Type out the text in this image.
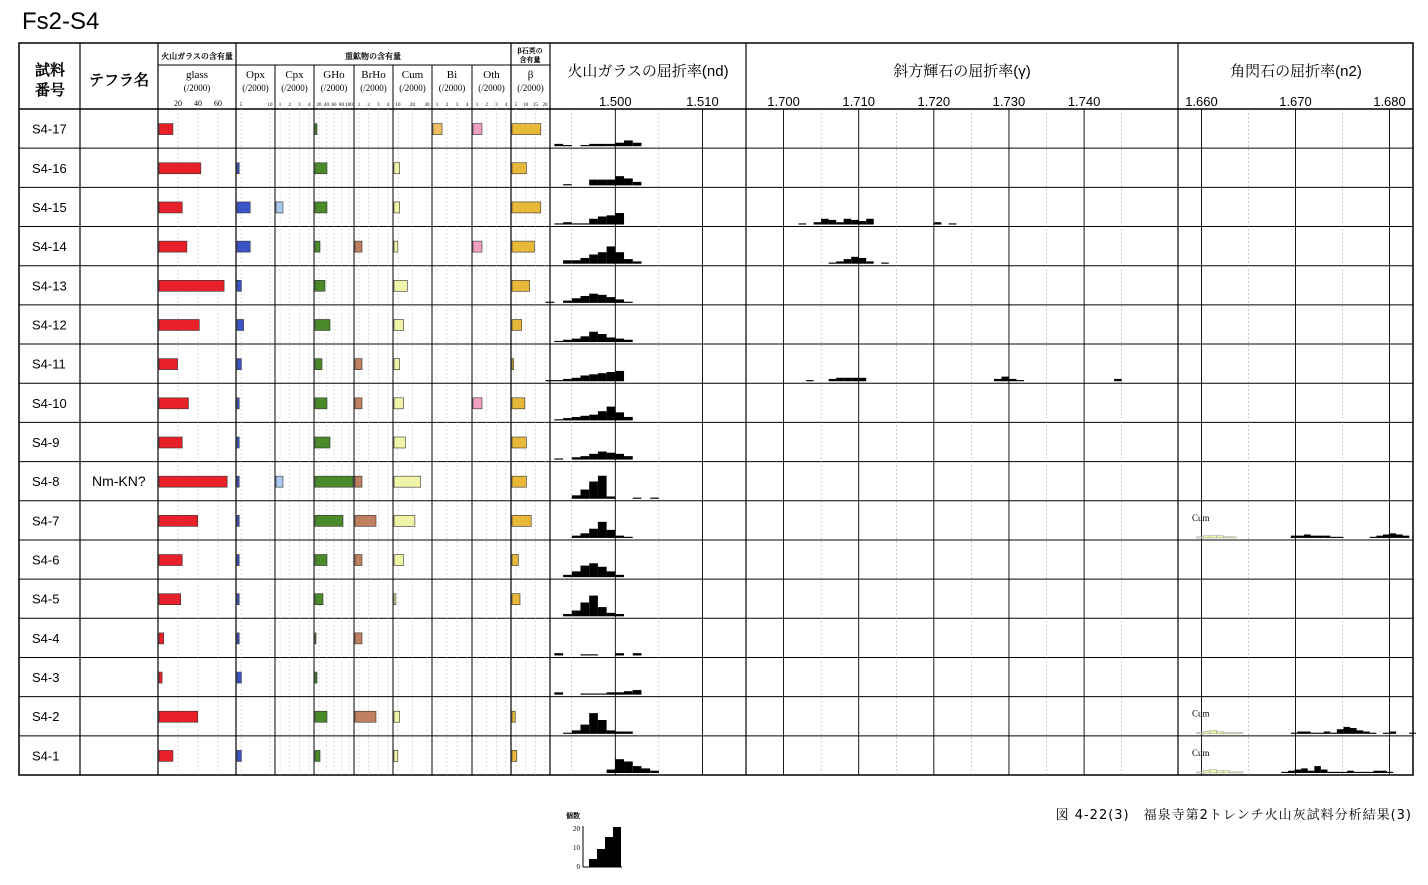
Fs2-S4
試料
番号
テフラ名
火山ガラスの含有量	重鉱物の含有量
β石英の
含有量
火山ガラスの屈折率(nd)	斜方輝石の屈折率(γ)	角閃石の屈折率(n2)
glass
(/2000)
20 40 60
Opx
(/2000)
5	10
Cpx
(/2000)
1 2 3 4
GHo
(/2000)
20 40 60 80 100
BrHo
(/2000)
1 2 3 4
Cum
(/2000)
10 20 30
Bi
(/2000)
1 2 3 4
Oth
(/2000)
1 2 3 4
β
(/2000)
5 10 15 20
S4-17
S4-16
S4-15
S4-14
S4-13
S4-12
S4-11
S4-10
S4-9
S4-8 Nm-KN?
S4-7
S4-6
S4-5
S4-4
S4-3
S4-2
S4-1
1.500	1.510	1.700	1.710	1.720	1.730	1.740	1.660	1.670	1.680
Cum
Cum
Cum
個数
20
10
0
図 4-22(3)　福泉寺第2トレンチ火山灰試料分析結果(3)
